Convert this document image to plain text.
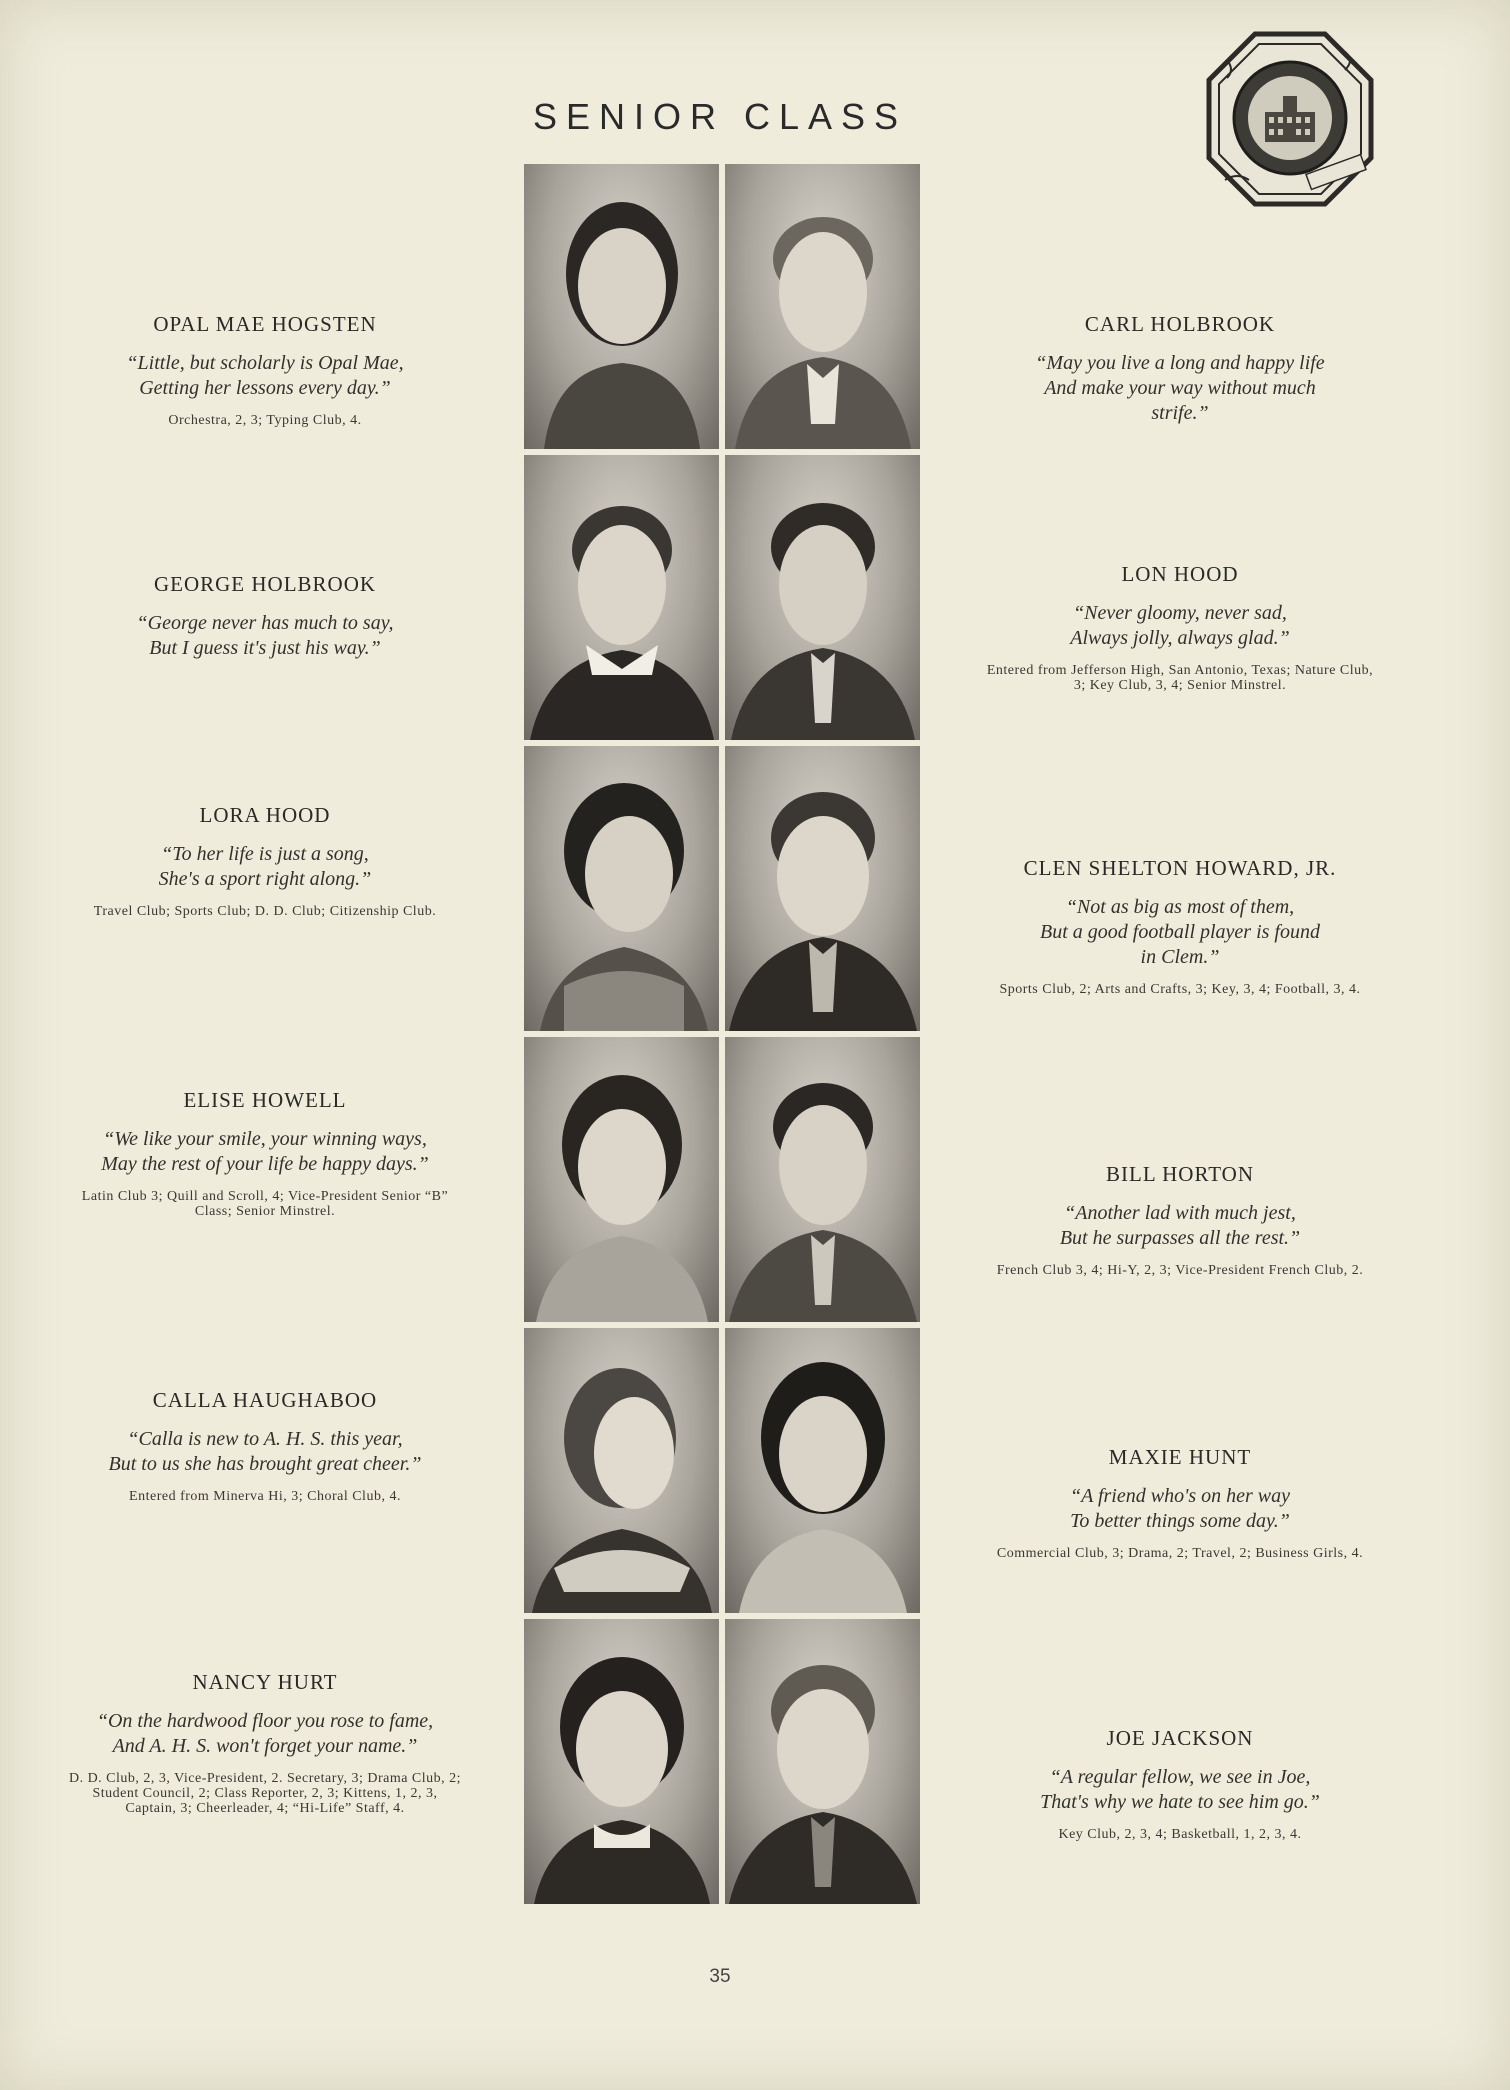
SENIOR CLASS
OPAL MAE HOGSTEN
“Little, but scholarly is Opal Mae,
Getting her lessons every day.”
Orchestra, 2, 3; Typing Club, 4.
GEORGE HOLBROOK
“George never has much to say,
But I guess it's just his way.”
LORA HOOD
“To her life is just a song,
She's a sport right along.”
Travel Club; Sports Club; D. D. Club; Citizenship Club.
ELISE HOWELL
“We like your smile, your winning ways,
May the rest of your life be happy days.”
Latin Club 3; Quill and Scroll, 4; Vice-President Senior “B” Class; Senior Minstrel.
CALLA HAUGHABOO
“Calla is new to A. H. S. this year,
But to us she has brought great cheer.”
Entered from Minerva Hi, 3; Choral Club, 4.
NANCY HURT
“On the hardwood floor you rose to fame,
And A. H. S. won't forget your name.”
D. D. Club, 2, 3, Vice-President, 2. Secretary, 3; Drama Club, 2; Student Council, 2; Class Reporter, 2, 3; Kittens, 1, 2, 3, Captain, 3; Cheerleader, 4; “Hi-Life” Staff, 4.
CARL HOLBROOK
“May you live a long and happy life
And make your way without much
strife.”
LON HOOD
“Never gloomy, never sad,
Always jolly, always glad.”
Entered from Jefferson High, San Antonio, Texas; Nature Club, 3; Key Club, 3, 4; Senior Minstrel.
CLEN SHELTON HOWARD, JR.
“Not as big as most of them,
But a good football player is found
in Clem.”
Sports Club, 2; Arts and Crafts, 3; Key, 3, 4; Football, 3, 4.
BILL HORTON
“Another lad with much jest,
But he surpasses all the rest.”
French Club 3, 4; Hi-Y, 2, 3; Vice-President French Club, 2.
MAXIE HUNT
“A friend who's on her way
To better things some day.”
Commercial Club, 3; Drama, 2; Travel, 2; Business Girls, 4.
JOE JACKSON
“A regular fellow, we see in Joe,
That's why we hate to see him go.”
Key Club, 2, 3, 4; Basketball, 1, 2, 3, 4.
35
